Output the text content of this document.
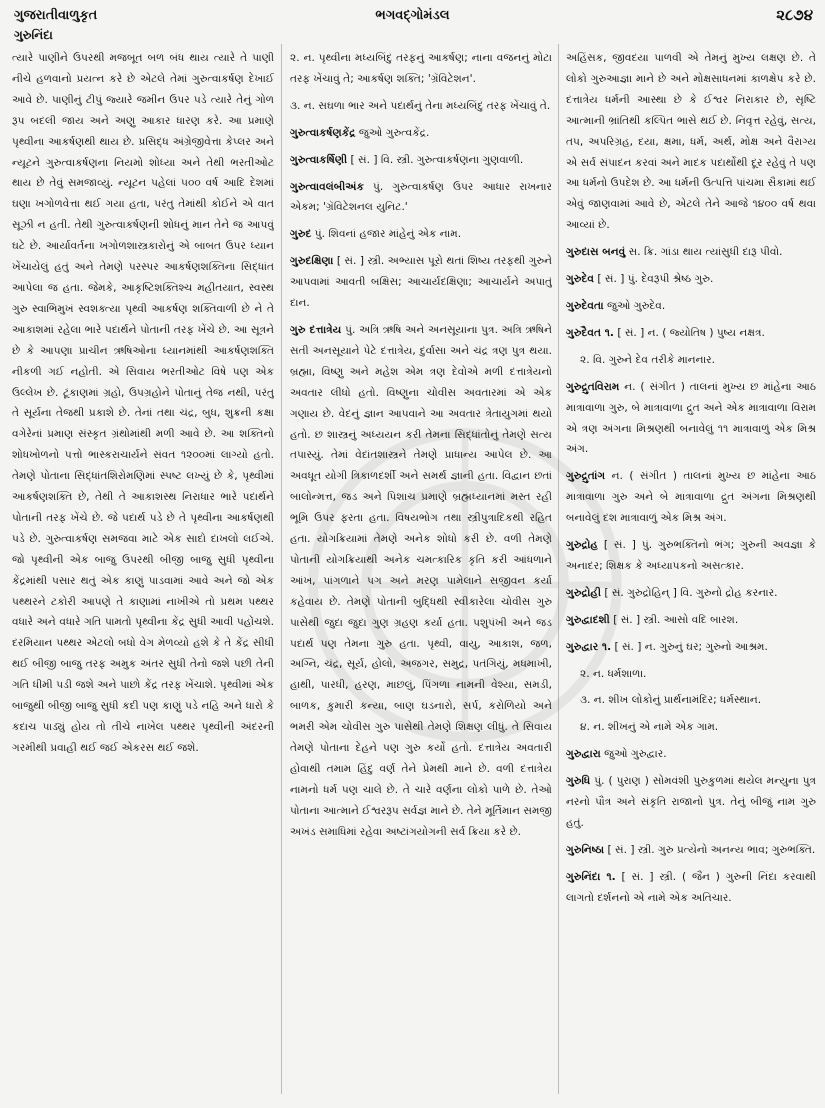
ગુજરાતીવાળુકૃત	ભગવદ્ગોમંડલ	૨૮૭૪
ગુરુનિંદા
ત્યારે પાણીને ઉપરથી મજબૂત બળ બંધ થાય ત્યારે તે પાણી નીચે હળવાનો પ્રયત્ન કરે છે એટલે તેમાં ગુરુત્વાકર્ષણ દેખાઈ આવે છે. પાણીનું ટીપું જ્યારે જમીન ઉપર પડે ત્યારે તેનું ગોળ રૂપ બદલી જાય અને અણુ આકાર ધારણ કરે. આ પ્રમાણે પૃથ્વીના આકર્ષણથી થાય છે. પ્રસિદ્ધ અંગ્રેજીવેત્તા કેપ્લર અને ન્યૂટને ગુરુત્વાકર્ષણના નિયમો શોધ્યા અને તેથી ભરતીઓટ થાય છે તેવું સમજાવ્યું. ન્યૂટન પહેલાં ૫૦૦ વર્ષ આદિ દેશમાં ઘણા ખગોળવેત્તા થઈ ગયા હતા, પરંતુ તેમાંથી કોઈને એ વાત સૂઝી ન હતી. તેથી ગુરુત્વાકર્ષણની શોધનું માન તેને જ આપવું ઘટે છે. આર્યાવર્તના ખગોળશાસ્ત્રકારોનું એ બાબત ઉપર ધ્યાન ખેંચાયેલું હતું અને તેમણે પરસ્પર આકર્ષણશક્તિના સિદ્ધાંત આપેલા જ હતા. જેમકે, આકૃષ્ટિશક્તિશ્ચ મહીતયાત, સ્વસ્થ ગુરુ સ્વાભિમુખં સ્વશક્ત્યા પૃથ્વી આકર્ષણ શક્તિવાળી છે ને તે આકાશમાં રહેલા ભારે પદાર્થને પોતાની તરફ ખેંચે છે. આ સૂત્રને છે કે આપણા પ્રાચીન ઋષિઓના ધ્યાનમાંથી આકર્ષણશક્તિ નીકળી ગઈ નહોતી. એ સિવાય ભરતીઓટ વિષે પણ એક ઉલ્લેખ છે. ટૂંકાણમાં ગ્રહો, ઉપગ્રહોને પોતાનું તેજ નથી, પરંતુ તે સૂર્યના તેજથી પ્રકાશે છે. તેનાં તથા ચંદ્ર, બુધ, શુક્રની કક્ષા વગેરેનાં પ્રમાણ સંસ્કૃત ગ્રંથોમાંથી મળી આવે છે. આ શક્તિનો શોધખોળનો પત્તો ભાસ્કરાચાર્યને સંવત ૧૨૦૦માં લાગ્યો હતો. તેમણે પોતાના સિદ્ધાંતશિરોમણિમાં સ્પષ્ટ લખ્યું છે કે, પૃથ્વીમાં આકર્ષણશક્તિ છે, તેથી તે આકાશસ્થ નિરાધાર ભારે પદાર્થને પોતાની તરફ ખેંચે છે. જે પદાર્થ પડે છે તે પૃથ્વીના આકર્ષણથી પડે છે. ગુરુત્વાકર્ષણ સમજવા માટે એક સાદો દાખલો લઈએ. જો પૃથ્વીની એક બાજુ ઉપરથી બીજી બાજુ સુધી પૃથ્વીના કેંદ્રમાંથી પસાર થતું એક કાણું પાડવામાં આવે અને જો એક પથ્થરને ટકોરી આપણે તે કાણામાં નાખીએ તો પ્રથમ પથ્થર વધારે અને વધારે ગતિ પામતો પૃથ્વીના કેંદ્ર સુધી આવી પહોંચશે. દરમિયાન પથ્થર એટલો બધો વેગ મેળવ્યો હશે કે તે કેંદ્ર સીધી થઈ બીજી બાજુ તરફ અમુક અંતર સુધી તેનો જશે પછી તેની ગતિ ધીમી પડી જશે અને પાછો કેંદ્ર તરફ ખેંચાશે. પૃથ્વીમાં એક બાજુથી બીજી બાજુ સુધી કદી પણ કાણું પડે નહિ અને ધારો કે કદાચ પાડ્યું હોય તો તીચે નાખેલ પથ્થર પૃથ્વીની અંદરની ગરમીથી પ્રવાહી થઈ જઈ એકરસ થઈ જશે.
૨. ન. પૃથ્વીના મધ્યબિંદુ તરફનું આકર્ષણ; નાના વજનનું મોટા તરફ ખેંચાવું તે; આકર્ષણ શક્તિ; 'ગ્રૅવિટેશન'.
૩. ન. સઘળા ભાર અને પદાર્થનું તેના મધ્યબિંદુ તરફ ખેંચાવું તે.
ગુરુત્વાકર્ષણકેંદ્ર જુઓ ગુરુત્વકેંદ્ર.
ગુરુત્વાકર્ષિણી [ સં. ] વિ. સ્ત્રી. ગુરુત્વાકર્ષણના ગુણવાળી.
ગુરુત્વાવલંબીઅંક પું. ગુરુત્વાકર્ષણ ઉપર આધાર રાખનાર એકમ; 'ગ્રૅવિટેશનલ યુનિટ.'
ગુરુદ પું. શિવનાં હજાર માંહેનું એક નામ.
ગુરુદક્ષિણા [ સં. ] સ્ત્રી. અભ્યાસ પૂરો થતાં શિષ્ય તરફથી ગુરુને આપવામાં આવતી બક્ષિસ; આચાર્યદક્ષિણા; આચાર્યને અપાતું દાન.
ગુરુ દત્તાત્રેય પું. અત્રિ ઋષિ અને અનસૂયાના પુત્ર. અત્રિ ઋષિને સતી અનસૂયાને પેટે દત્તાત્રેય, દુર્વાસા અને ચંદ્ર ત્રણ પુત્ર થયા. બ્રહ્મા, વિષ્ણુ અને મહેશ એમ ત્રણ દેવોએ મળી દત્તાત્રેયનો અવતાર લીધો હતો. વિષ્ણુના ચોવીસ અવતારમાં એ એક ગણાય છે. વેદનું જ્ઞાન આપવાને આ અવતાર ત્રેતાયુગમાં થયો હતો. છ શાસ્ત્રનું અધ્યયન કરી તેમના સિદ્ધાંતોનું તેમણે સત્ય તપાસ્યું. તેમાં વેદાંતશાસ્ત્રને તેમણે પ્રાધાન્ય આપેલ છે. આ અવધૂત યોગી ત્રિકાળદર્શી અને સમર્થ જ્ઞાની હતા. વિદ્વાન છતાં બાલોન્મત્ત, જડ અને પિશાચ પ્રમાણે બ્રહ્મધ્યાનમાં મસ્ત રહી ભૂમિ ઉપર ફરતા હતા. વિષયભોગ તથા સ્ત્રીપુત્રાદિકથી રહિત હતા. યોગક્રિયામાં તેમણે અનેક શોધો કરી છે. વળી તેમણે પોતાની યોગક્રિયાથી અનેક ચમત્કારિક કૃતિ કરી આંધળાને આંખ, પાંગળાને પગ અને મરણ પામેલાને સજીવન કર્યા કહેવાય છે. તેમણે પોતાની બુદ્ધિથી સ્વીકારેલા ચોવીસ ગુરુ પાસેથી જુદા જુદા ગુણ ગ્રહણ કર્યા હતા. પશુપંખી અને જડ પદાર્થ પણ તેમના ગુરુ હતા. પૃથ્વી, વાયુ, આકાશ, જળ, અગ્નિ, ચંદ્ર, સૂર્ય, હોલો, અજગર, સમુદ્ર, પતંગિયું, મધમાખી, હાથી, પારધી, હરણ, માછલું, પિંગળા નામની વેશ્યા, સમડી, બાળક, કુમારી કન્યા, બાણ ઘડનારો, સર્પ, કરોળિયો અને ભમરી એમ ચોવીસ ગુરુ પાસેથી તેમણે શિક્ષણ લીધું. તે સિવાય તેમણે પોતાના દેહને પણ ગુરુ કર્યો હતો. દત્તાત્રેય અવતારી હોવાથી તમામ હિંદુ વર્ણ તેને પ્રેમથી માને છે. વળી દત્તાત્રેય નામનો ધર્મ પણ ચાલે છે. તે ચારે વર્ણના લોકો પાળે છે. તેઓ પોતાના આત્માને ઈશ્વરરૂપ સર્વજ્ઞ માને છે. તેને મૂર્તિમાન સમજી અખંડ સમાધિમાં રહેવા અષ્ટાંગયોગની સર્વ ક્રિયા કરે છે.
અહિંસક, જીવદયા પાળવી એ તેમનું મુખ્ય લક્ષણ છે. તે લોકો ગુરુઆજ્ઞા માને છે અને મોક્ષસાધનમાં કાળક્ષેપ કરે છે. દત્તાત્રેય ધર્મની આસ્થા છે કે ઈશ્વર નિરાકાર છે, સૃષ્ટિ આત્માની ભ્રાંતિથી કલ્પિત ભાસે થઈ છે. નિવૃત્ત રહેવું, સત્ય, તપ, અપરિગ્રહ, દયા, ક્ષમા, ધર્મ, અર્થ, મોક્ષ અને વૈરાગ્ય એ સર્વ સંપાદન કરવાં અને માદક પદાર્થોથી દૂર રહેવું તે પણ આ ધર્મનો ઉપદેશ છે. આ ધર્મની ઉત્પત્તિ પાંચમા સૈકામાં થઈ એવું જાણવામાં આવે છે, એટલે તેને આજે ૧૪૦૦ વર્ષ થવા આવ્યાં છે.
ગુરુદાસ બનવું સ. ક્રિ. ગાંડા થાય ત્યાંસુધી દારૂ પીવો.
ગુરુદેવ [ સં. ] પું. દેવરૂપી શ્રેષ્ઠ ગુરુ.
ગુરુદેવતા જુઓ ગુરુદેવ.
ગુરુદૈવત ૧. [ સં. ] ન. ( જ્યોતિષ ) પુષ્ય નક્ષત્ર.
૨. વિ. ગુરુને દેવ તરીકે માનનાર.
ગુરુદ્રુતવિરામ ન. ( સંગીત ) તાલનાં મુખ્ય છ માંહેના આઠ માત્રાવાળા ગુરુ, બે માત્રાવાળા દ્રુત અને એક માત્રાવાળા વિરામ એ ત્રણ અંગના મિશ્રણથી બનાવેલું ૧૧ માત્રાવાળું એક મિશ્ર અંગ.
ગુરુદ્રુતાંગ ન. ( સંગીત ) તાલનાં મુખ્ય છ માંહેના આઠ માત્રાવાળા ગુરુ અને બે માત્રાવાળા દ્રુત અંગના મિશ્રણથી બનાવેલું દશ માત્રાવાળું એક મિશ્ર અંગ.
ગુરુદ્રોહ [ સં. ] પું. ગુરુભક્તિનો ભંગ; ગુરુની અવજ્ઞા કે અનાદર; શિક્ષક કે અધ્યાપકનો અસત્કાર.
ગુરુદ્રોહી [ સં. ગુરુદ્રોહિન્ ] વિ. ગુરુનો દ્રોહ કરનાર.
ગુરુદ્વાદશી [ સં. ] સ્ત્રી. આસો વદિ બારશ.
ગુરુદ્વાર ૧. [ સં. ] ન. ગુરુનું ઘર; ગુરુનો આશ્રમ.
૨. ન. ધર્મશાળા.
૩. ન. શીખ લોકોનું પ્રાર્થનામંદિર; ધર્મસ્થાન.
૪. ન. શીખનું એ નામે એક ગામ.
ગુરુદ્વારા જુઓ ગુરુદ્વાર.
ગુરુધિ પું. ( પુરાણ ) સોમવંશી પુરુકુળમાં થયેલ મન્યુના પુત્ર નરનો પૌત્ર અને સંકૃતિ રાજાનો પુત્ર. તેનું બીજું નામ ગુરુ હતું.
ગુરુનિષ્ઠા [ સં. ] સ્ત્રી. ગુરુ પ્રત્યેનો અનન્ય ભાવ; ગુરુભક્તિ.
ગુરુનિંદા ૧. [ સં. ] સ્ત્રી. ( જૈન ) ગુરુની નિંદા કરવાથી લાગતો દર્શનનો એ નામે એક અતિચાર.
